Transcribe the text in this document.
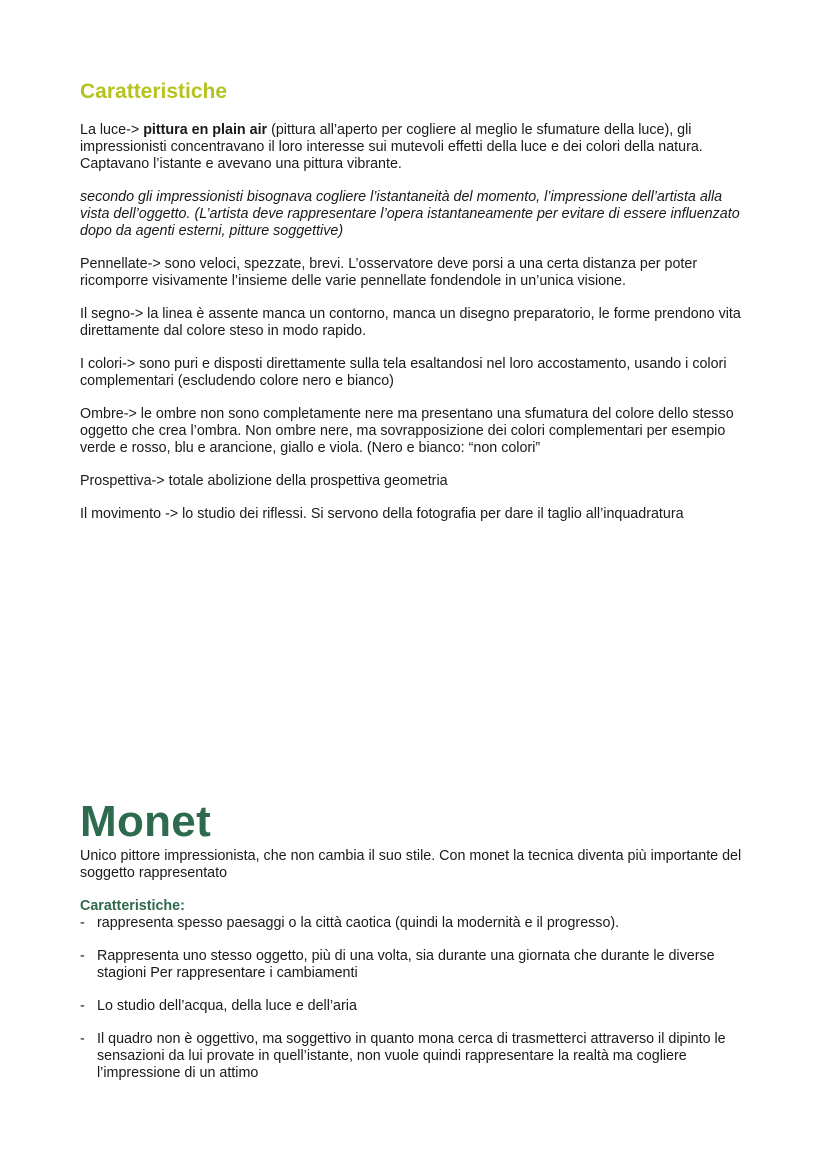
Caratteristiche

La luce-> pittura en plain air (pittura all’aperto per cogliere al meglio le sfumature della luce), gli impressionisti concentravano il loro interesse sui mutevoli effetti della luce e dei colori della natura. Captavano l’istante e avevano una pittura vibrante.

secondo gli impressionisti bisognava cogliere l’istantaneità del momento, l’impressione dell’artista alla vista dell’oggetto. (L’artista deve rappresentare l’opera istantaneamente per evitare di essere influenzato dopo da agenti esterni, pitture soggettive)

Pennellate-> sono veloci, spezzate, brevi. L’osservatore deve porsi a una certa distanza per poter ricomporre visivamente l’insieme delle varie pennellate fondendole in un’unica visione.

Il segno-> la linea è assente manca un contorno, manca un disegno preparatorio, le forme prendono vita direttamente dal colore steso in modo rapido.

I colori-> sono puri e disposti direttamente sulla tela esaltandosi nel loro accostamento, usando i colori complementari (escludendo colore nero e bianco)

Ombre-> le ombre non sono completamente nere ma presentano una sfumatura del colore dello stesso oggetto che crea l’ombra. Non ombre nere, ma sovrapposizione dei colori complementari per esempio verde e rosso, blu e arancione, giallo e viola. (Nero e bianco: “non colori”

Prospettiva-> totale abolizione della prospettiva geometria

Il movimento -> lo studio dei riflessi. Si servono della fotografia per dare il taglio all’inquadratura

Monet

Unico pittore impressionista, che non cambia il suo stile. Con monet la tecnica diventa più importante del soggetto rappresentato

Caratteristiche:
- rappresenta spesso paesaggi o la città caotica (quindi la modernità e il progresso).
- Rappresenta uno stesso oggetto, più di una volta, sia durante una giornata che durante le diverse stagioni Per rappresentare i cambiamenti
- Lo studio dell’acqua, della luce e dell’aria
- Il quadro non è oggettivo, ma soggettivo in quanto mona cerca di trasmetterci attraverso il dipinto le sensazioni da lui provate in quell’istante, non vuole quindi rappresentare la realtà ma cogliere l’impressione di un attimo
